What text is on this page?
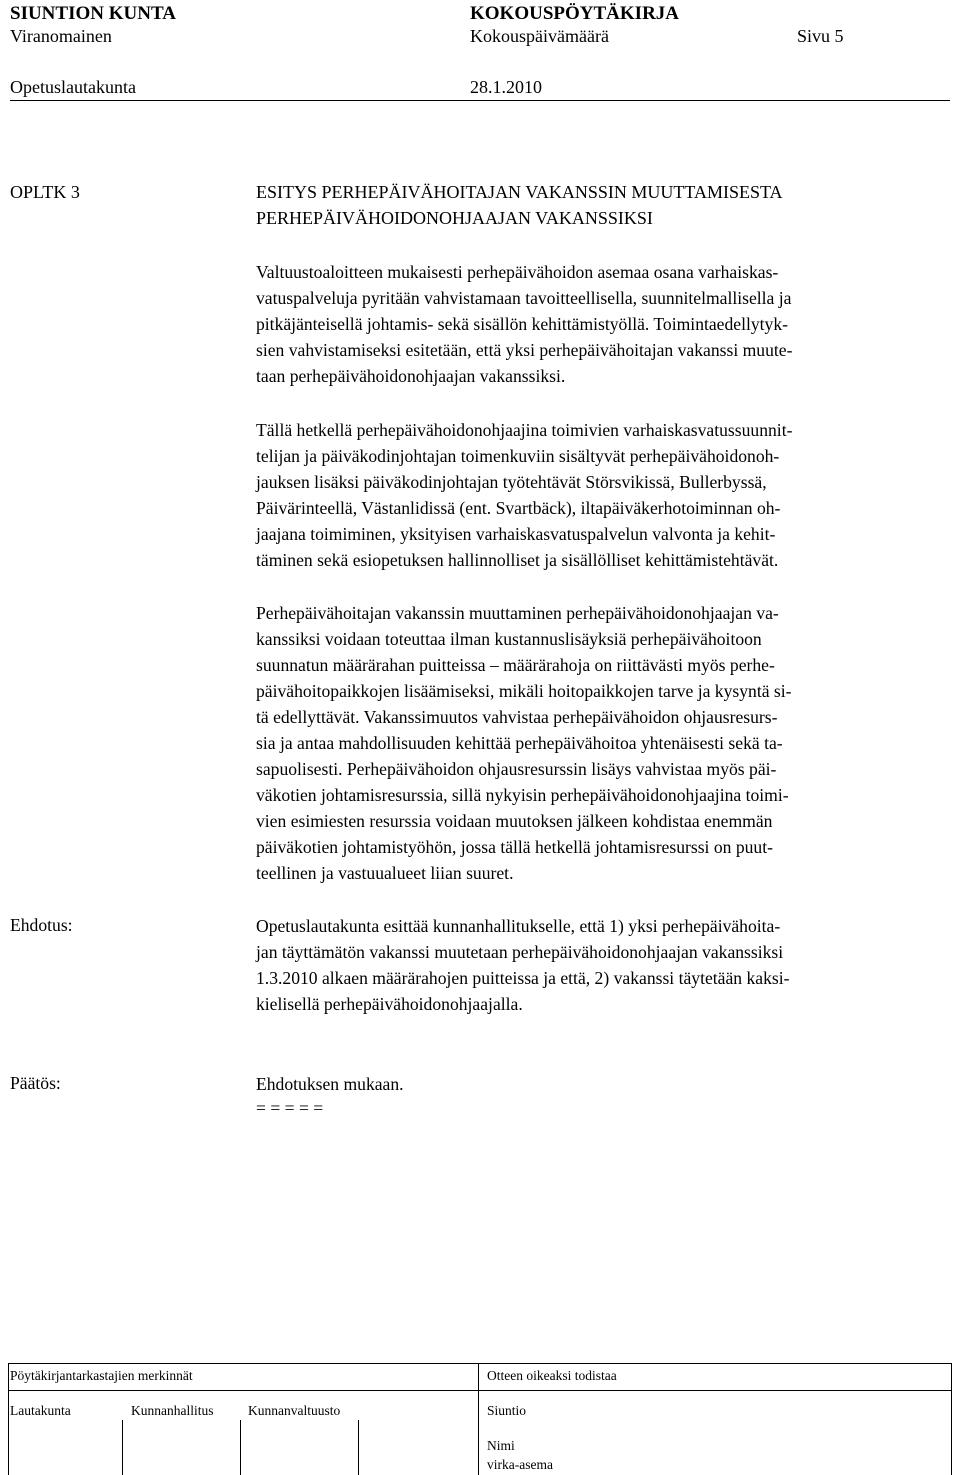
SIUNTION KUNTA	KOKOUSPÖYTÄKIRJA
Viranomainen	Kokouspäivämäärä	Sivu 5
Opetuslautakunta	28.1.2010
OPLTK 3	ESITYS PERHEPÄIVÄHOITAJAN VAKANSSIN MUUTTAMISESTA
PERHEPÄIVÄHOIDONOHJAAJAN VAKANSSIKSI

Valtuustoaloitteen mukaisesti perhepäivähoidon asemaa osana varhaiskas-

vatuspalveluja pyritään vahvistamaan tavoitteellisella, suunnitelmallisella ja

pitkäjänteisellä johtamis- sekä sisällön kehittämistyöllä. Toimintaedellytyk-

sien vahvistamiseksi esitetään, että yksi perhepäivähoitajan vakanssi muute-

taan perhepäivähoidonohjaajan vakanssiksi.

Tällä hetkellä perhepäivähoidonohjaajina toimivien varhaiskasvatussuunnit-

telijan ja päiväkodinjohtajan toimenkuviin sisältyvät perhepäivähoidonoh-

jauksen lisäksi päiväkodinjohtajan työtehtävät Störsvikissä, Bullerbyssä,

Päivärinteellä, Västanlidissä (ent. Svartbäck), iltapäiväkerhotoiminnan oh-

jaajana toimiminen, yksityisen varhaiskasvatuspalvelun valvonta ja kehit-

täminen sekä esiopetuksen hallinnolliset ja sisällölliset kehittämistehtävät.

Perhepäivähoitajan vakanssin muuttaminen perhepäivähoidonohjaajan va-

kanssiksi voidaan toteuttaa ilman kustannuslisäyksiä perhepäivähoitoon

suunnatun määrärahan puitteissa – määrärahoja on riittävästi myös perhe-

päivähoitopaikkojen lisäämiseksi, mikäli hoitopaikkojen tarve ja kysyntä si-

tä edellyttävät. Vakanssimuutos vahvistaa perhepäivähoidon ohjausresurs-

sia ja antaa mahdollisuuden kehittää perhepäivähoitoa yhtenäisesti sekä ta-

sapuolisesti. Perhepäivähoidon ohjausresurssin lisäys vahvistaa myös päi-

väkotien johtamisresurssia, sillä nykyisin perhepäivähoidonohjaajina toimi-

vien esimiesten resurssia voidaan muutoksen jälkeen kohdistaa enemmän

päiväkotien johtamistyöhön, jossa tällä hetkellä johtamisresurssi on puut-

teellinen ja vastuualueet liian suuret.

Ehdotus:	Opetuslautakunta esittää kunnanhallitukselle, että 1) yksi perhepäivähoita-

jan täyttämätön vakanssi muutetaan perhepäivähoidonohjaajan vakanssiksi

1.3.2010 alkaen määrärahojen puitteissa ja että, 2) vakanssi täytetään kaksi-

kielisellä perhepäivähoidonohjaajalla.

Päätös:	Ehdotuksen mukaan.

= = = = =

Pöytäkirjantarkastajien merkinnät	Otteen oikeaksi todistaa
Lautakunta	Kunnanhallitus	Kunnanvaltuusto	Siuntio
Nimi
virka-asema
